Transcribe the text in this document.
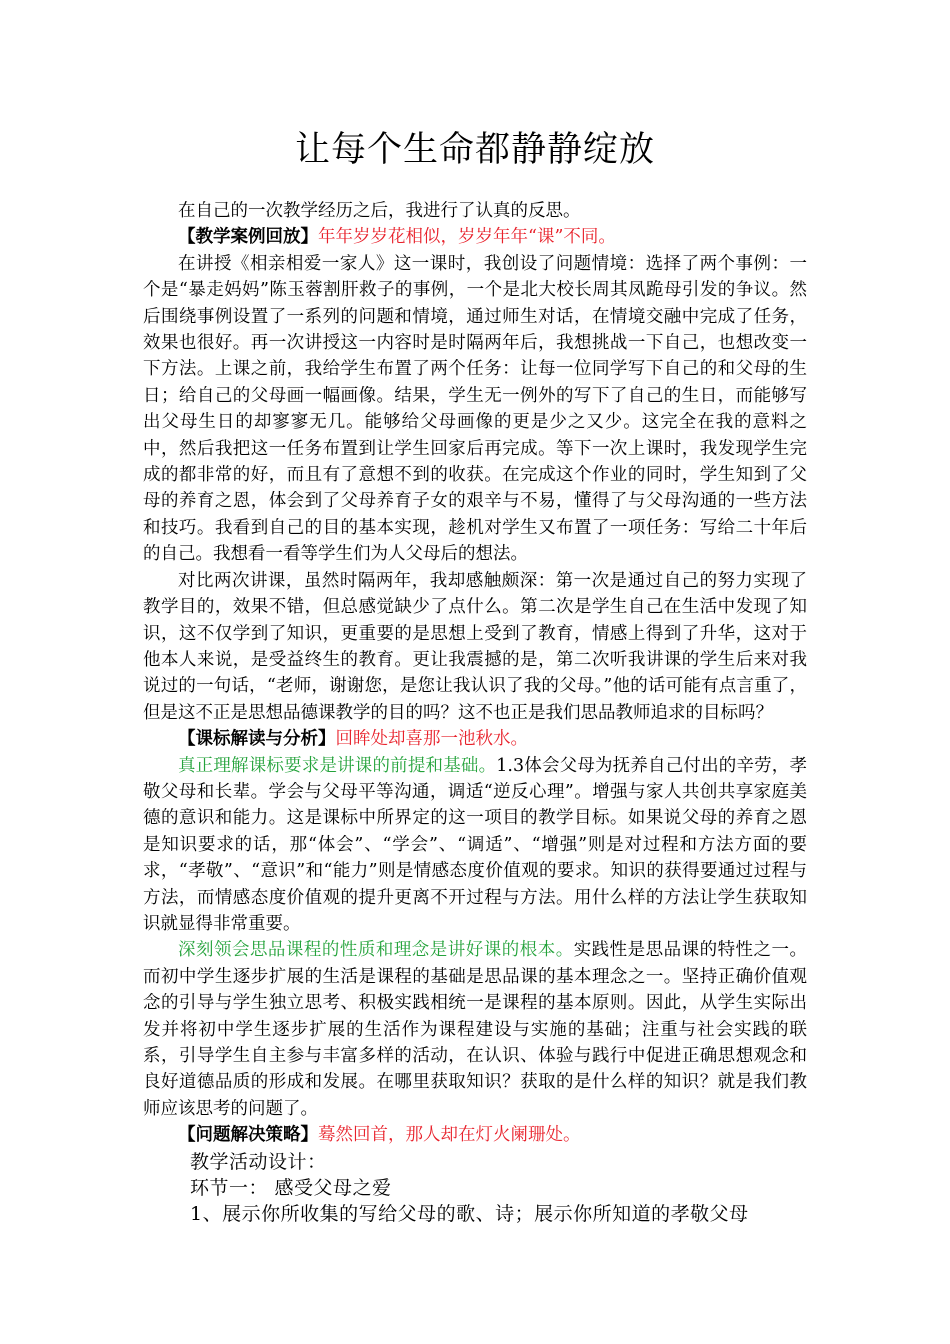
让每个生命都静静绽放

在自己的一次教学经历之后，我进行了认真的反思。

【教学案例回放】年年岁岁花相似，岁岁年年“课”不同。

在讲授《相亲相爱一家人》这一课时，我创设了问题情境：选择了两个事例：一个是“暴走妈妈”陈玉蓉割肝救子的事例，一个是北大校长周其凤跪母引发的争议。然后围绕事例设置了一系列的问题和情境，通过师生对话，在情境交融中完成了任务，效果也很好。再一次讲授这一内容时是时隔两年后，我想挑战一下自己，也想改变一下方法。上课之前，我给学生布置了两个任务：让每一位同学写下自己的和父母的生日；给自己的父母画一幅画像。结果，学生无一例外的写下了自己的生日，而能够写出父母生日的却寥寥无几。能够给父母画像的更是少之又少。这完全在我的意料之中，然后我把这一任务布置到让学生回家后再完成。等下一次上课时，我发现学生完成的都非常的好，而且有了意想不到的收获。在完成这个作业的同时，学生知到了父母的养育之恩，体会到了父母养育子女的艰辛与不易，懂得了与父母沟通的一些方法和技巧。我看到自己的目的基本实现，趁机对学生又布置了一项任务：写给二十年后的自己。我想看一看等学生们为人父母后的想法。

对比两次讲课，虽然时隔两年，我却感触颇深：第一次是通过自己的努力实现了教学目的，效果不错，但总感觉缺少了点什么。第二次是学生自己在生活中发现了知识，这不仅学到了知识，更重要的是思想上受到了教育，情感上得到了升华，这对于他本人来说，是受益终生的教育。更让我震撼的是，第二次听我讲课的学生后来对我说过的一句话，“老师，谢谢您，是您让我认识了我的父母。”他的话可能有点言重了，但是这不正是思想品德课教学的目的吗？这不也正是我们思品教师追求的目标吗？

【课标解读与分析】回眸处却喜那一池秋水。

真正理解课标要求是讲课的前提和基础。1.3体会父母为抚养自己付出的辛劳，孝敬父母和长辈。学会与父母平等沟通，调适“逆反心理”。增强与家人共创共享家庭美德的意识和能力。这是课标中所界定的这一项目的教学目标。如果说父母的养育之恩是知识要求的话，那“体会”、“学会”、“调适”、“增强”则是对过程和方法方面的要求，“孝敬”、“意识”和“能力”则是情感态度价值观的要求。知识的获得要通过过程与方法，而情感态度价值观的提升更离不开过程与方法。用什么样的方法让学生获取知识就显得非常重要。

深刻领会思品课程的性质和理念是讲好课的根本。实践性是思品课的特性之一。而初中学生逐步扩展的生活是课程的基础是思品课的基本理念之一。坚持正确价值观念的引导与学生独立思考、积极实践相统一是课程的基本原则。因此，从学生实际出发并将初中学生逐步扩展的生活作为课程建设与实施的基础；注重与社会实践的联系，引导学生自主参与丰富多样的活动，在认识、体验与践行中促进正确思想观念和良好道德品质的形成和发展。在哪里获取知识？获取的是什么样的知识？就是我们教师应该思考的问题了。

【问题解决策略】蓦然回首，那人却在灯火阑珊处。

教学活动设计：

环节一： 感受父母之爱

1、展示你所收集的写给父母的歌、诗；展示你所知道的孝敬父母
